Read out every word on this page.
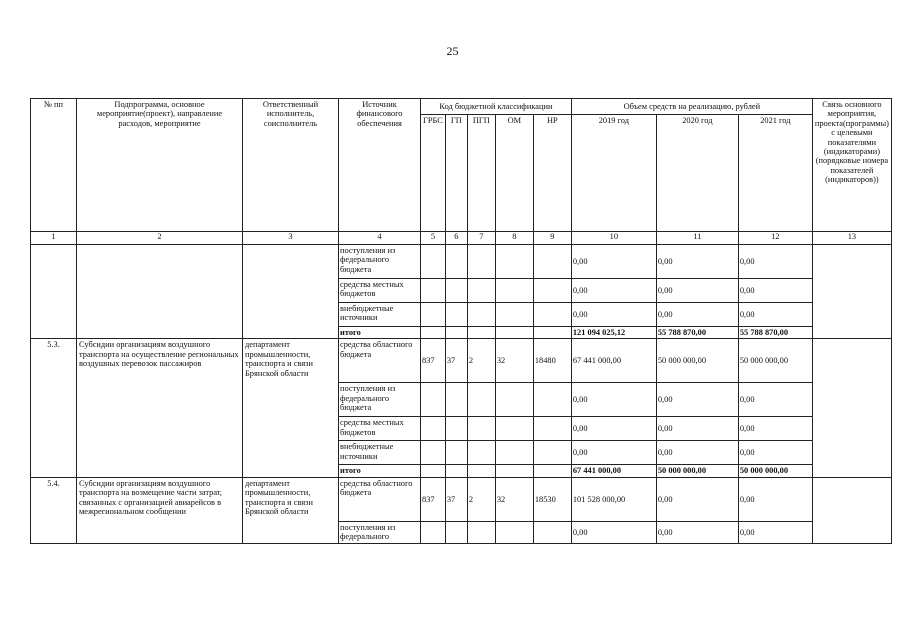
25
№ пп	Подпрограмма, основное мероприятие(проект), направление расходов, мероприятие	Ответственный исполнитель, соисполнитель	Источник финансового обеспечения	Код бюджетной классификации					Объем средств на реализацию, рублей			Связь основного мероприятия, проекта(программы) с целевыми показателями (индикаторами) (порядковые номера показателей (индикаторов))
				ГРБС	ГП	ПГП	ОМ	НР	2019 год	2020 год	2021 год	
1	2	3	4	5	6	7	8	9	10	11	12	13
			поступления из федерального бюджета						0,00	0,00	0,00	
			средства местных бюджетов						0,00	0,00	0,00	
			внебюджетные источники						0,00	0,00	0,00	
			итого						121 094 025,12	55 788 870,00	55 788 870,00	
5.3.	Субсидии организациям воздушного транспорта на осуществление региональных воздушных перевозок пассажиров	департамент промышленности, транспорта и связи Брянской области	средства областного бюджета	837	37	2	32	18480	67 441 000,00	50 000 000,00	50 000 000,00	
			поступления из федерального бюджета						0,00	0,00	0,00	
			средства местных бюджетов						0,00	0,00	0,00	
			внебюджетные источники						0,00	0,00	0,00	
			итого						67 441 000,00	50 000 000,00	50 000 000,00	
5.4.	Субсидии организациям воздушного транспорта на возмещение части затрат, связанных с организацией авиарейсов в межрегиональном сообщении	департамент промышленности, транспорта и связи Брянской области	средства областного бюджета	837	37	2	32	18530	101 528 000,00	0,00	0,00	
			поступления из федерального						0,00	0,00	0,00	
